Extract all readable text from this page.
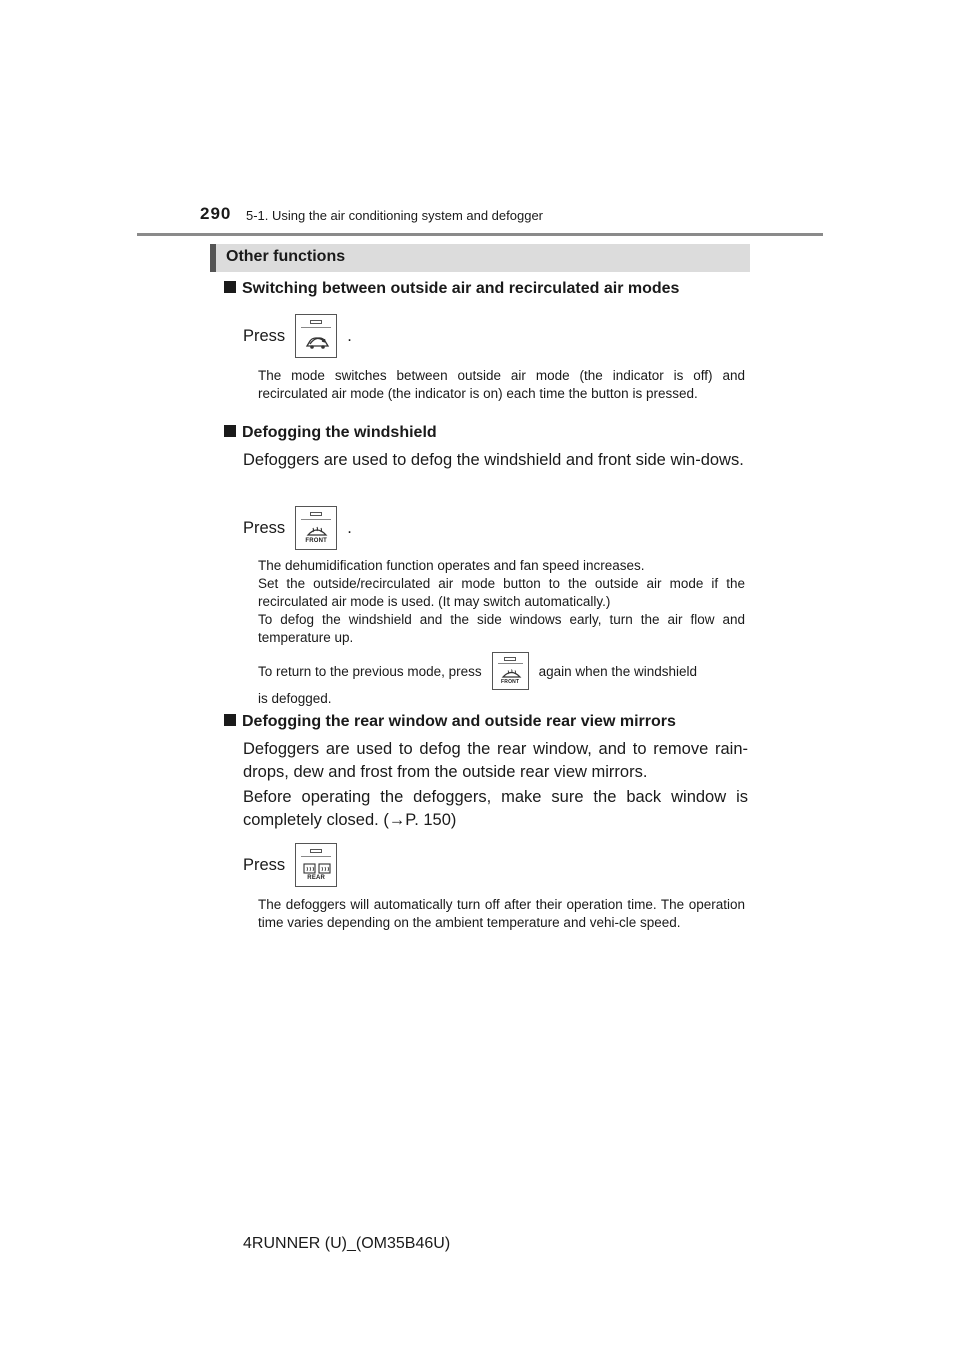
290 5-1. Using the air conditioning system and defogger
Other functions
Switching between outside air and recirculated air modes
Press	.
The mode switches between outside air mode (the indicator is off) and recirculated air mode (the indicator is on) each time the button is pressed.
Defogging the windshield
Defoggers are used to defog the windshield and front side win-dows.
Press
FRONT
.
The dehumidification function operates and fan speed increases.
Set the outside/recirculated air mode button to the outside air mode if the recirculated air mode is used. (It may switch automatically.)
To defog the windshield and the side windows early, turn the air flow and temperature up.
To return to the previous mode, press
FRONT
again when the windshield
is defogged.
Defogging the rear window and outside rear view mirrors
Defoggers are used to defog the rear window, and to remove rain-drops, dew and frost from the outside rear view mirrors.
Before operating the defoggers, make sure the back window is completely closed. (→P. 150)
Press
REAR
The defoggers will automatically turn off after their operation time. The operation time varies depending on the ambient temperature and vehi-cle speed.
4RUNNER (U)_(OM35B46U)
